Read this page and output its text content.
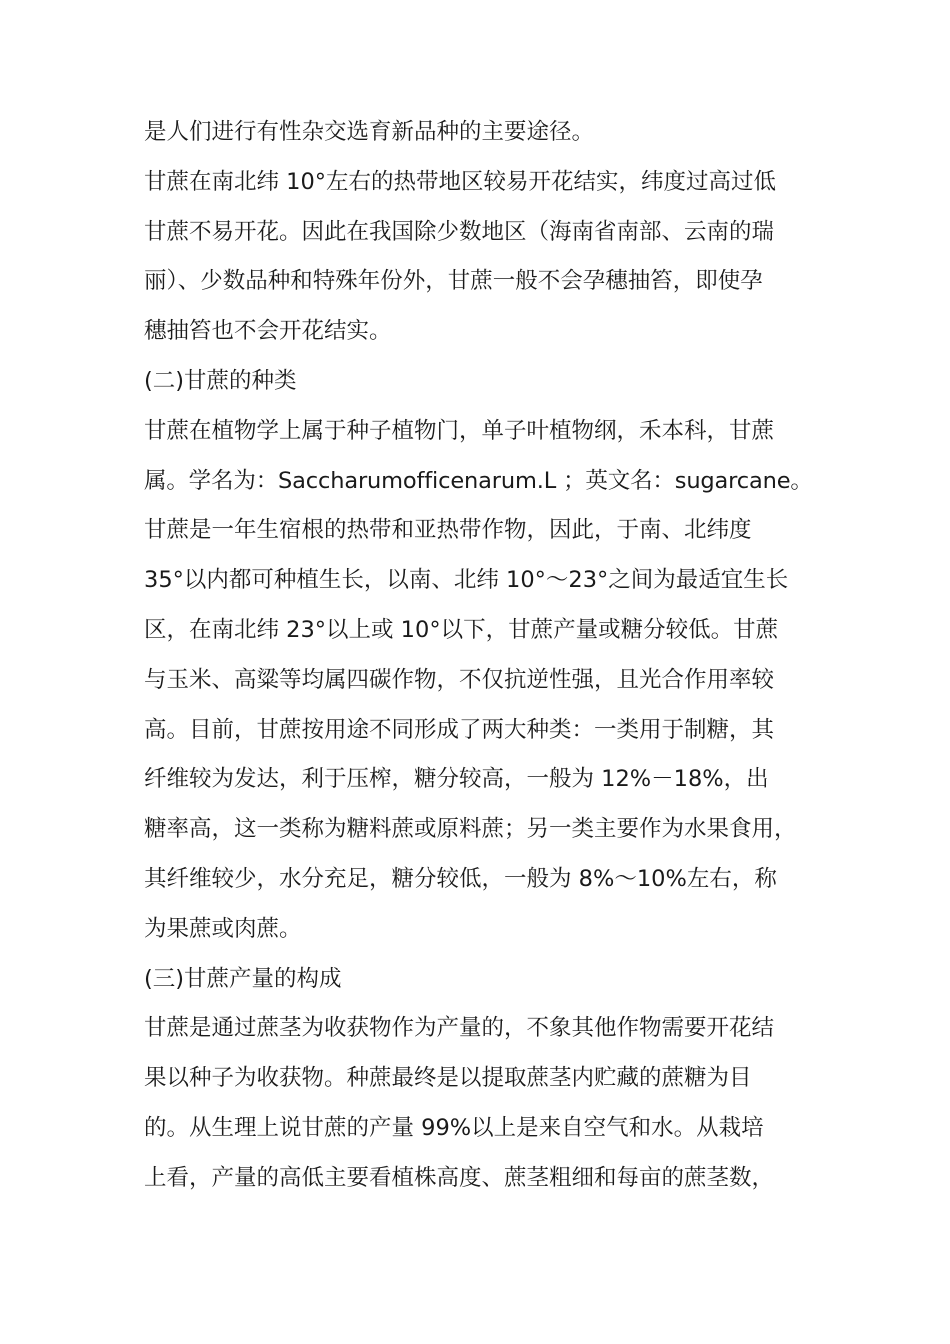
是人们进行有性杂交选育新品种的主要途径。
甘蔗在南北纬 10°左右的热带地区较易开花结实，纬度过高过低
甘蔗不易开花。因此在我国除少数地区（海南省南部、云南的瑞
丽）、少数品种和特殊年份外，甘蔗一般不会孕穗抽笞，即使孕
穗抽笞也不会开花结实。
(二)甘蔗的种类
甘蔗在植物学上属于种子植物门，单子叶植物纲，禾本科，甘蔗
属。学名为：Saccharumofficenarum.L ；英文名：sugarcane。
甘蔗是一年生宿根的热带和亚热带作物，因此，于南、北纬度
35°以内都可种植生长，以南、北纬 10°～23°之间为最适宜生长
区，在南北纬 23°以上或 10°以下，甘蔗产量或糖分较低。甘蔗
与玉米、高粱等均属四碳作物，不仅抗逆性强，且光合作用率较
高。目前，甘蔗按用途不同形成了两大种类：一类用于制糖，其
纤维较为发达，利于压榨，糖分较高，一般为 12%－18%，出
糖率高，这一类称为糖料蔗或原料蔗；另一类主要作为水果食用，
其纤维较少，水分充足，糖分较低，一般为 8%～10%左右，称
为果蔗或肉蔗。
(三)甘蔗产量的构成
甘蔗是通过蔗茎为收获物作为产量的，不象其他作物需要开花结
果以种子为收获物。种蔗最终是以提取蔗茎内贮藏的蔗糖为目
的。从生理上说甘蔗的产量 99%以上是来自空气和水。从栽培
上看，产量的高低主要看植株高度、蔗茎粗细和每亩的蔗茎数，
